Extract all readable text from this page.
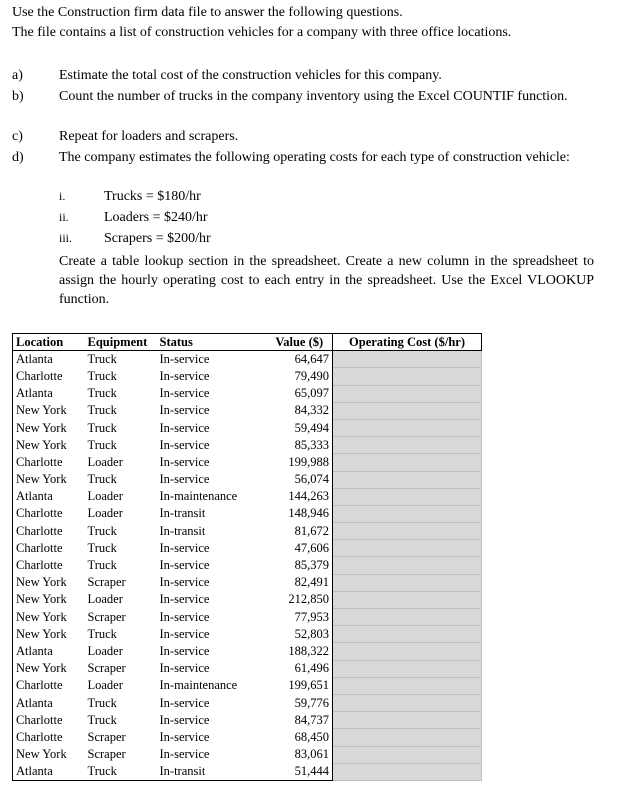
Use the Construction firm data file to answer the following questions.
The file contains a list of construction vehicles for a company with three office locations.
a)	Estimate the total cost of the construction vehicles for this company.
b)	Count the number of trucks in the company inventory using the Excel COUNTIF function.
c)	Repeat for loaders and scrapers.
d)	The company estimates the following operating costs for each type of construction vehicle:
i.	Trucks = $180/hr
ii.	Loaders = $240/hr
iii. Scrapers = $200/hr
Create a table lookup section in the spreadsheet. Create a new column in the spreadsheet to assign the hourly operating cost to each entry in the spreadsheet. Use the Excel VLOOKUP function.
Location	Equipment	Status	Value ($)	Operating Cost ($/hr)
Atlanta	Truck	In-service	64,647	
Charlotte	Truck	In-service	79,490	
Atlanta	Truck	In-service	65,097	
New York	Truck	In-service	84,332	
New York	Truck	In-service	59,494	
New York	Truck	In-service	85,333	
Charlotte	Loader	In-service	199,988	
New York	Truck	In-service	56,074	
Atlanta	Loader	In-maintenance	144,263	
Charlotte	Loader	In-transit	148,946	
Charlotte	Truck	In-transit	81,672	
Charlotte	Truck	In-service	47,606	
Charlotte	Truck	In-service	85,379	
New York	Scraper	In-service	82,491	
New York	Loader	In-service	212,850	
New York	Scraper	In-service	77,953	
New York	Truck	In-service	52,803	
Atlanta	Loader	In-service	188,322	
New York	Scraper	In-service	61,496	
Charlotte	Loader	In-maintenance	199,651	
Atlanta	Truck	In-service	59,776	
Charlotte	Truck	In-service	84,737	
Charlotte	Scraper	In-service	68,450	
New York	Scraper	In-service	83,061	
Atlanta	Truck	In-transit	51,444	
